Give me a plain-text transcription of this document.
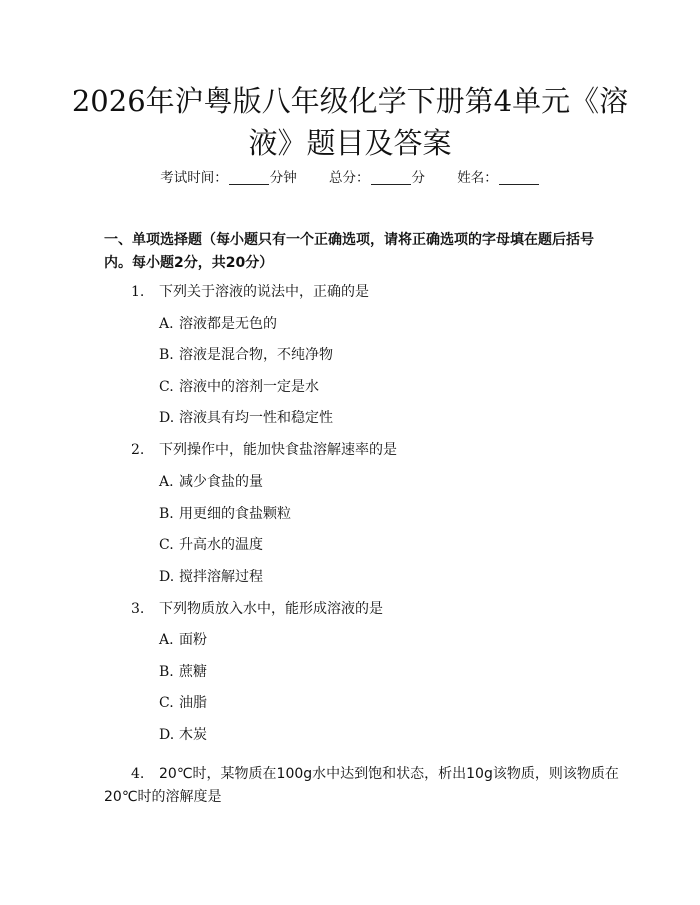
2026年沪粤版八年级化学下册第4单元《溶液》题目及答案
考试时间：	分钟 总分：	分 姓名：
一、单项选择题（每小题只有一个正确选项，请将正确选项的字母填在题后括号内。每小题2分，共20分）
1. 下列关于溶液的说法中，正确的是
A. 溶液都是无色的
B. 溶液是混合物，不纯净物
C. 溶液中的溶剂一定是水
D. 溶液具有均一性和稳定性
2. 下列操作中，能加快食盐溶解速率的是
A. 减少食盐的量
B. 用更细的食盐颗粒
C. 升高水的温度
D. 搅拌溶解过程
3. 下列物质放入水中，能形成溶液的是
A. 面粉
B. 蔗糖
C. 油脂
D. 木炭
4. 20℃时，某物质在100g水中达到饱和状态，析出10g该物质，则该物质在20℃时的溶解度是
